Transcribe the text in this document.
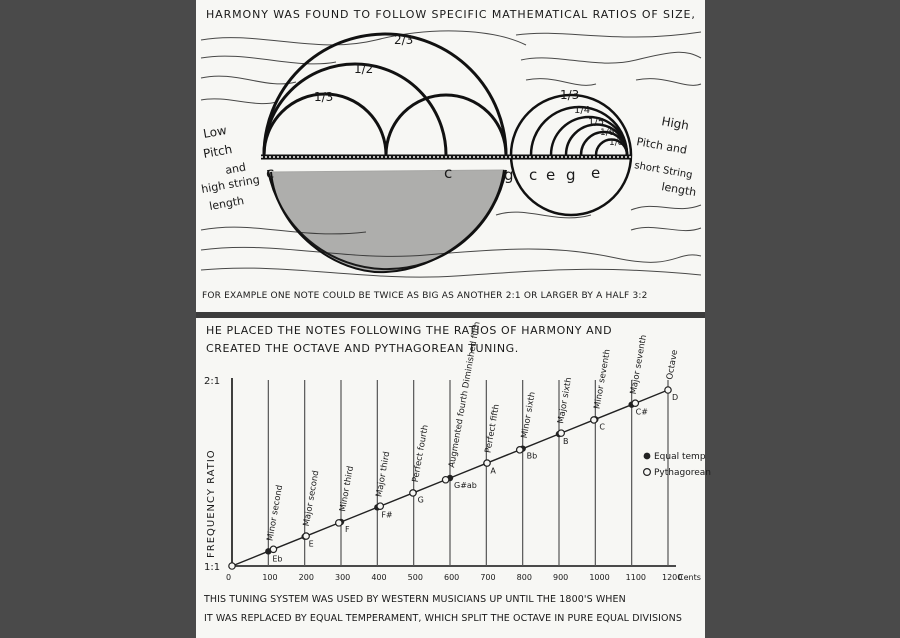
2/3
1/2
1/3	1/3
1/4
1/5
1/6
1/8
c	c	g c e g e
Low
Pitch
and
high string
length
High
Pitch and
short String
length
HARMONY WAS FOUND TO FOLLOW SPECIFIC MATHEMATICAL RATIOS OF SIZE,
FOR EXAMPLE ONE NOTE COULD BE TWICE AS BIG AS ANOTHER 2:1 OR LARGER BY A HALF 3:2
HE PLACED THE NOTES FOLLOWING THE RATIOS OF HARMONY AND
CREATED THE OCTAVE AND PYTHAGOREAN TUNING.
1:1
2:1
FREQUENCY RATIO	Minor second Major second Minor third Major third Perfect fourth Augmented fourth Diminished fifth Perfect fifth Minor sixth Major sixth Minor seventh Major seventh Octave
0	100	200	300	400	500	600	700	800	900	1000 1100 1200
Cents
Eb
E
F
F#
G
G#ab
A
Bb
B
C
C#
D
Equal temp
Pythagorean
THIS TUNING SYSTEM WAS USED BY WESTERN MUSICIANS UP UNTIL THE 1800'S WHEN
IT WAS REPLACED BY EQUAL TEMPERAMENT, WHICH SPLIT THE OCTAVE IN PURE EQUAL DIVISIONS
